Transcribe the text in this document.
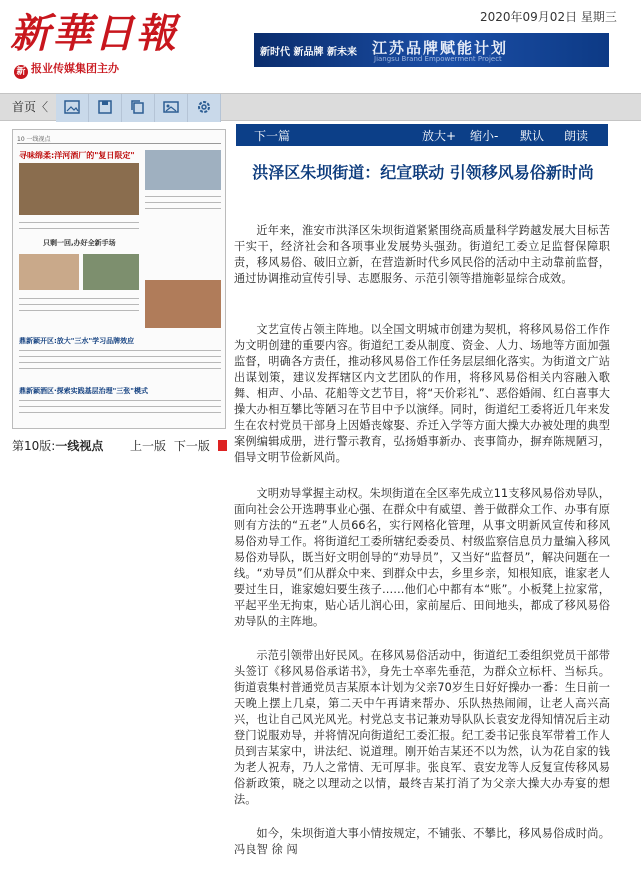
新華日報
新 报业传媒集团主办
2020年09月02日 星期三
新时代 新品牌 新未来 江苏品牌赋能计划
Jiangsu Brand Empowerment Project
首页〈
10 一线视点
寻味绵柔:洋河酒厂的"复日限定"
只剩一回,办好全新手场
鼎新颖开区:放大"三水"学习品牌效应
鼎新颖酒区·探索实践基层治理"三张"模式
第10版:一线视点 上一版 下一版
下一篇	放大+ 缩小- 默认 朗读
洪泽区朱坝街道：纪宣联动 引领移风易俗新时尚

近年来，淮安市洪泽区朱坝街道紧紧围绕高质量科学跨越发展大目标苦干实干，经济社会和各项事业发展势头强劲。街道纪工委立足监督保障职责，移风易俗、破旧立新，在营造新时代乡风民俗的活动中主动靠前监督，通过协调推动宣传引导、志愿服务、示范引领等措施彰显综合成效。

文艺宣传占领主阵地。以全国文明城市创建为契机，将移风易俗工作作为文明创建的重要内容。街道纪工委从制度、资金、人力、场地等方面加强监督，明确各方责任，推动移风易俗工作任务层层细化落实。为街道文广站出谋划策，建议发挥辖区内文艺团队的作用，将移风易俗相关内容融入歌舞、相声、小品、花船等文艺节目，将“天价彩礼”、恶俗婚闹、红白喜事大操大办相互攀比等陋习在节目中予以演绎。同时，街道纪工委将近几年来发生在农村党员干部身上因婚丧嫁娶、乔迁入学等方面大操大办被处理的典型案例编辑成册，进行警示教育，弘扬婚事新办、丧事简办，摒弃陈规陋习，倡导文明节俭新风尚。

文明劝导掌握主动权。朱坝街道在全区率先成立11支移风易俗劝导队，面向社会公开选聘事业心强、在群众中有威望、善于做群众工作、办事有原则有方法的“五老”人员66名，实行网格化管理，从事文明新风宣传和移风易俗劝导工作。将街道纪工委所辖纪委委员、村级监察信息员力量编入移风易俗劝导队，既当好文明创导的“劝导员”，又当好“监督员”，解决问题在一线。“劝导员”们从群众中来、到群众中去，乡里乡亲，知根知底，谁家老人要过生日，谁家媳妇要生孩子……他们心中都有本“账”。小板凳上拉家常，平起平坐无拘束，贴心话儿润心田，家前屋后、田间地头，都成了移风易俗劝导队的主阵地。

示范引领带出好民风。在移风易俗活动中，街道纪工委组织党员干部带头签订《移风易俗承诺书》，身先士卒率先垂范，为群众立标杆、当标兵。街道袁集村普通党员吉某原本计划为父亲70岁生日好好操办一番：生日前一天晚上摆上几桌，第二天中午再请来帮办、乐队热热闹闹，让老人高兴高兴，也让自己风光风光。村党总支书记兼劝导队队长袁安龙得知情况后主动登门说服劝导，并将情况向街道纪工委汇报。纪工委书记张良军带着工作人员到吉某家中，讲法纪、说道理。刚开始吉某还不以为然，认为花自家的钱为老人祝寿，乃人之常情、无可厚非。张良军、袁安龙等人反复宣传移风易俗新政策，晓之以理动之以情，最终吉某打消了为父亲大操大办寿宴的想法。

如今，朱坝街道大事小情按规定，不铺张、不攀比，移风易俗成时尚。 冯良智 徐 闯
